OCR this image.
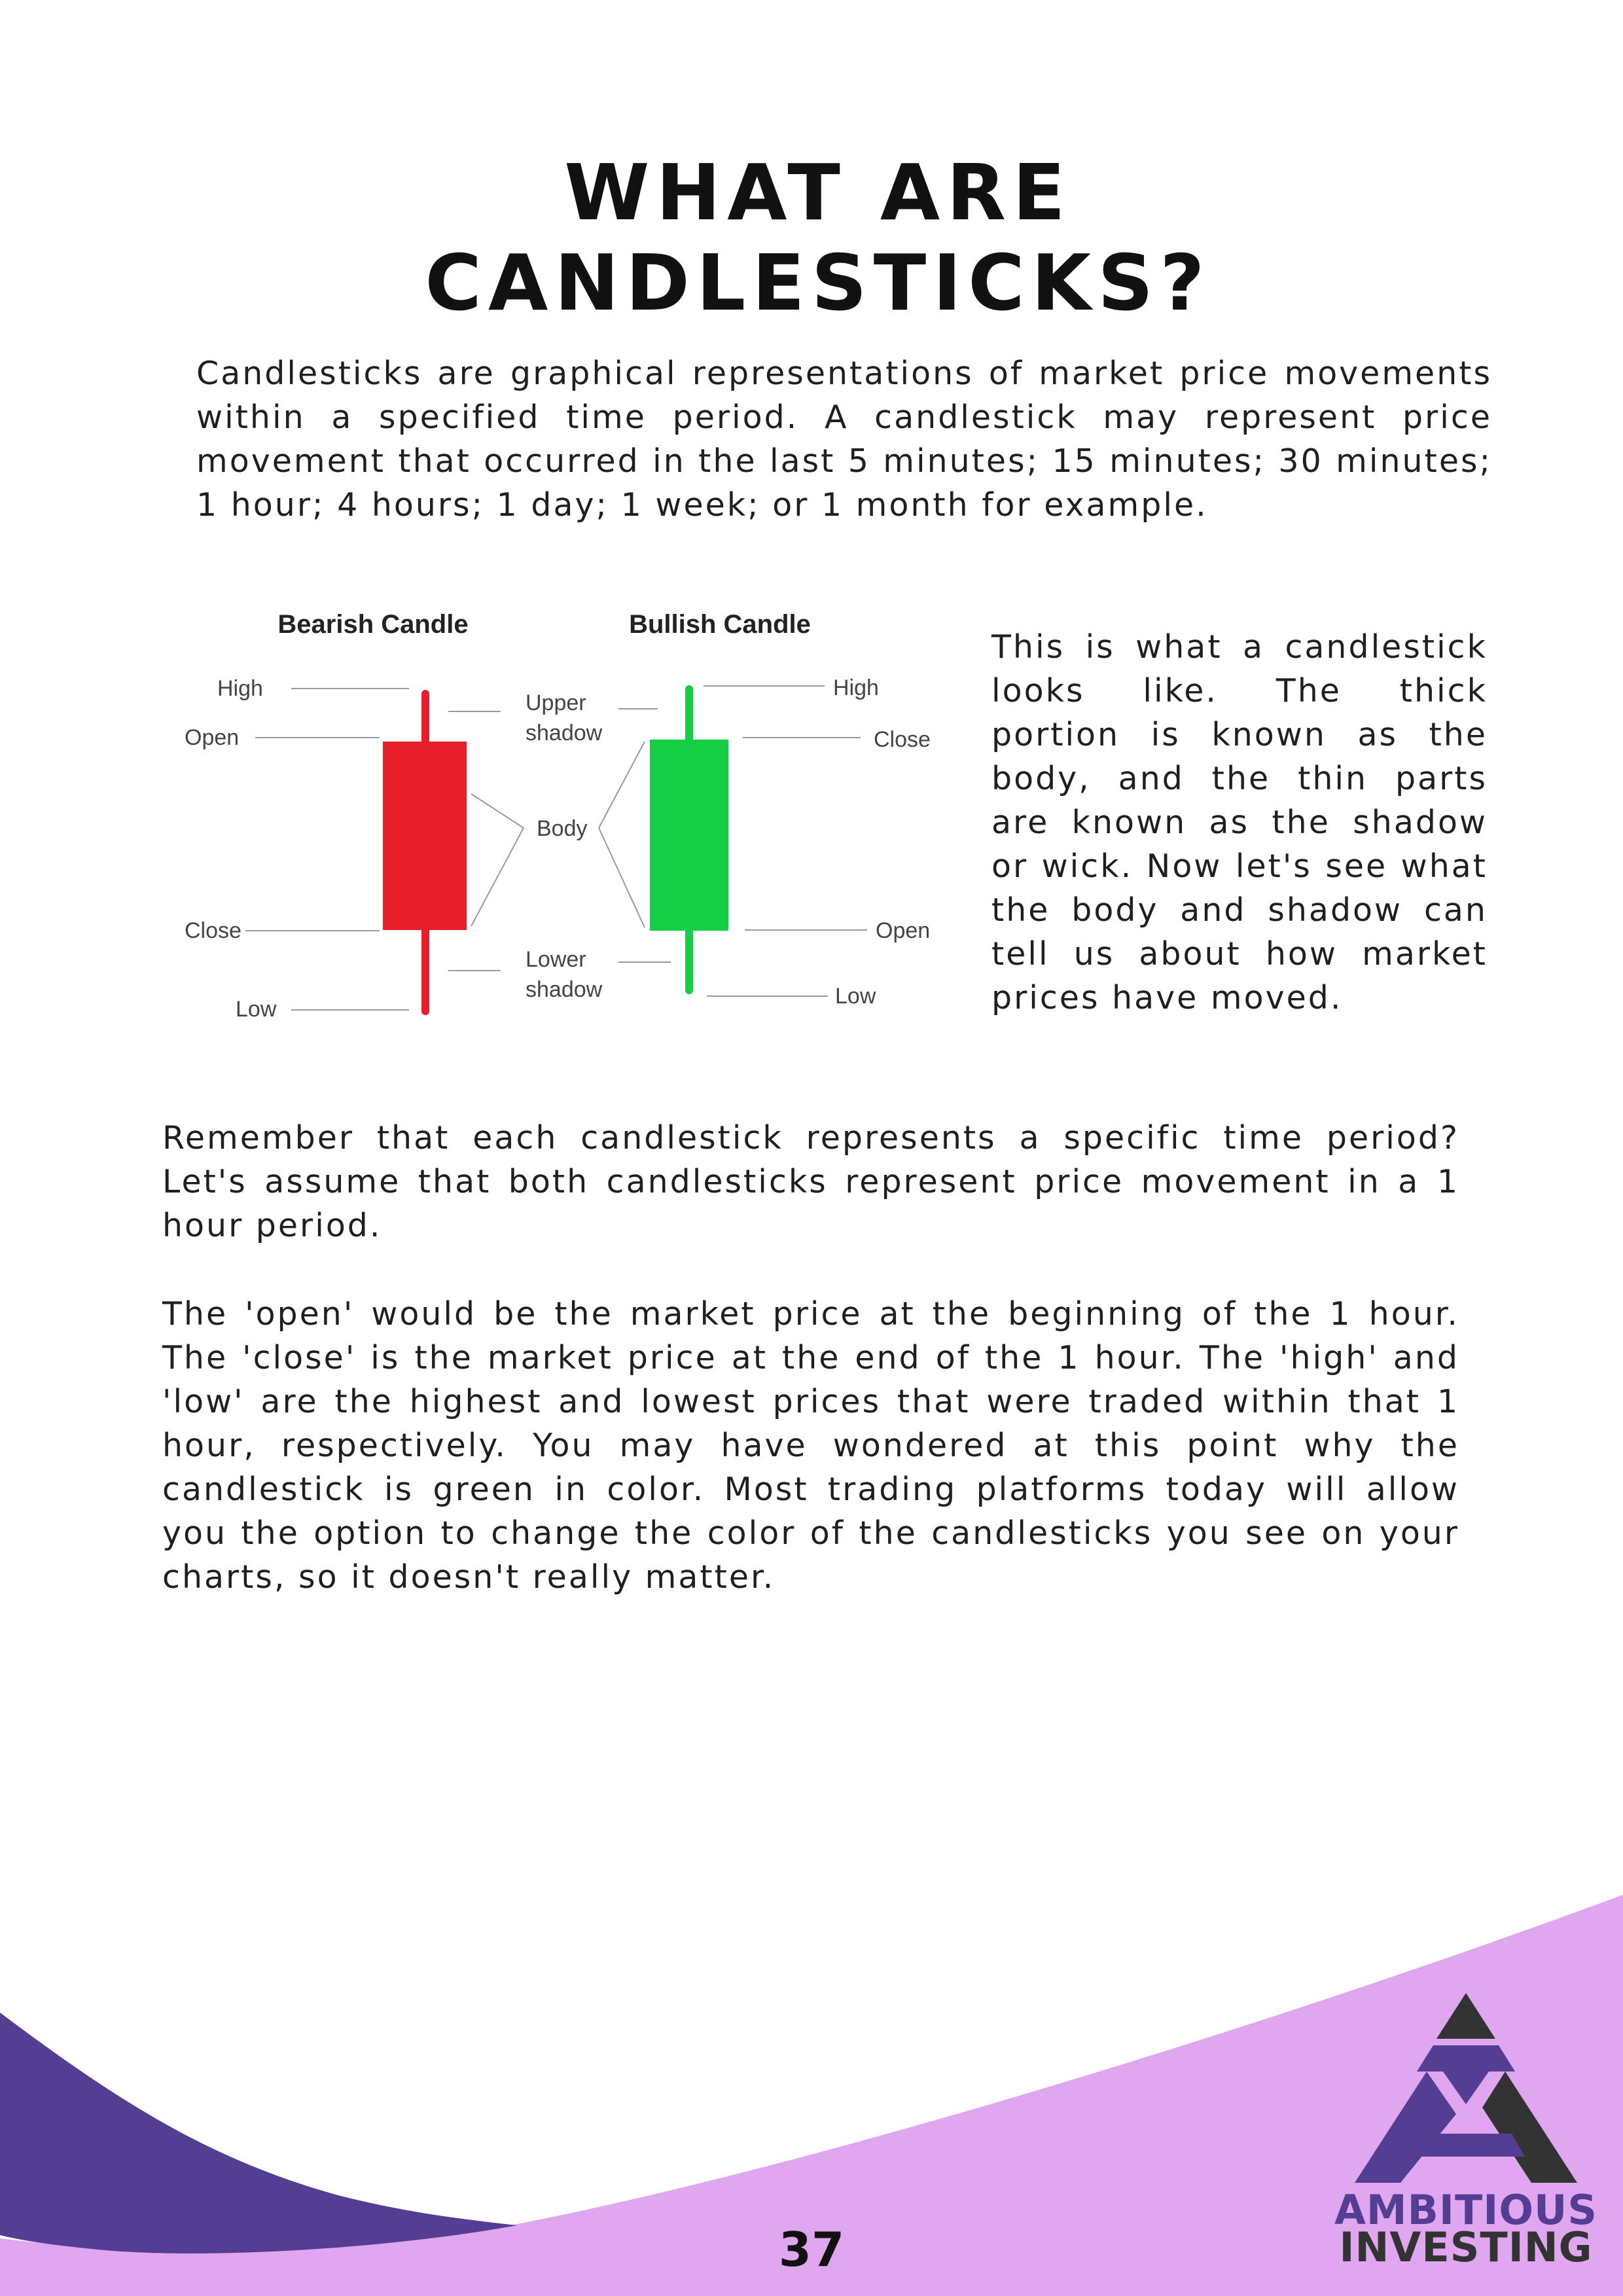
WHAT ARE CANDLESTICKS?

Candlesticks are graphical representations of market price movements within a specified time period. A candlestick may represent price movement that occurred in the last 5 minutes; 15 minutes; 30 minutes; 1 hour; 4 hours; 1 day; 1 week; or 1 month for example.

Bearish Candle	Bullish Candle
High
Open
Close
Low
Upper
shadow
Body
Lower
shadow
High
Close
Open
Low

This is what a candlestick looks like. The thick portion is known as the body, and the thin parts are known as the shadow or wick. Now let's see what the body and shadow can tell us about how market prices have moved.

Remember that each candlestick represents a specific time period? Let's assume that both candlesticks represent price movement in a 1 hour period.

The 'open' would be the market price at the beginning of the 1 hour. The 'close' is the market price at the end of the 1 hour. The 'high' and 'low' are the highest and lowest prices that were traded within that 1 hour, respectively. You may have wondered at this point why the candlestick is green in color. Most trading platforms today will allow you the option to change the color of the candlesticks you see on your charts, so it doesn't really matter.

37
AMBITIOUS
INVESTING
